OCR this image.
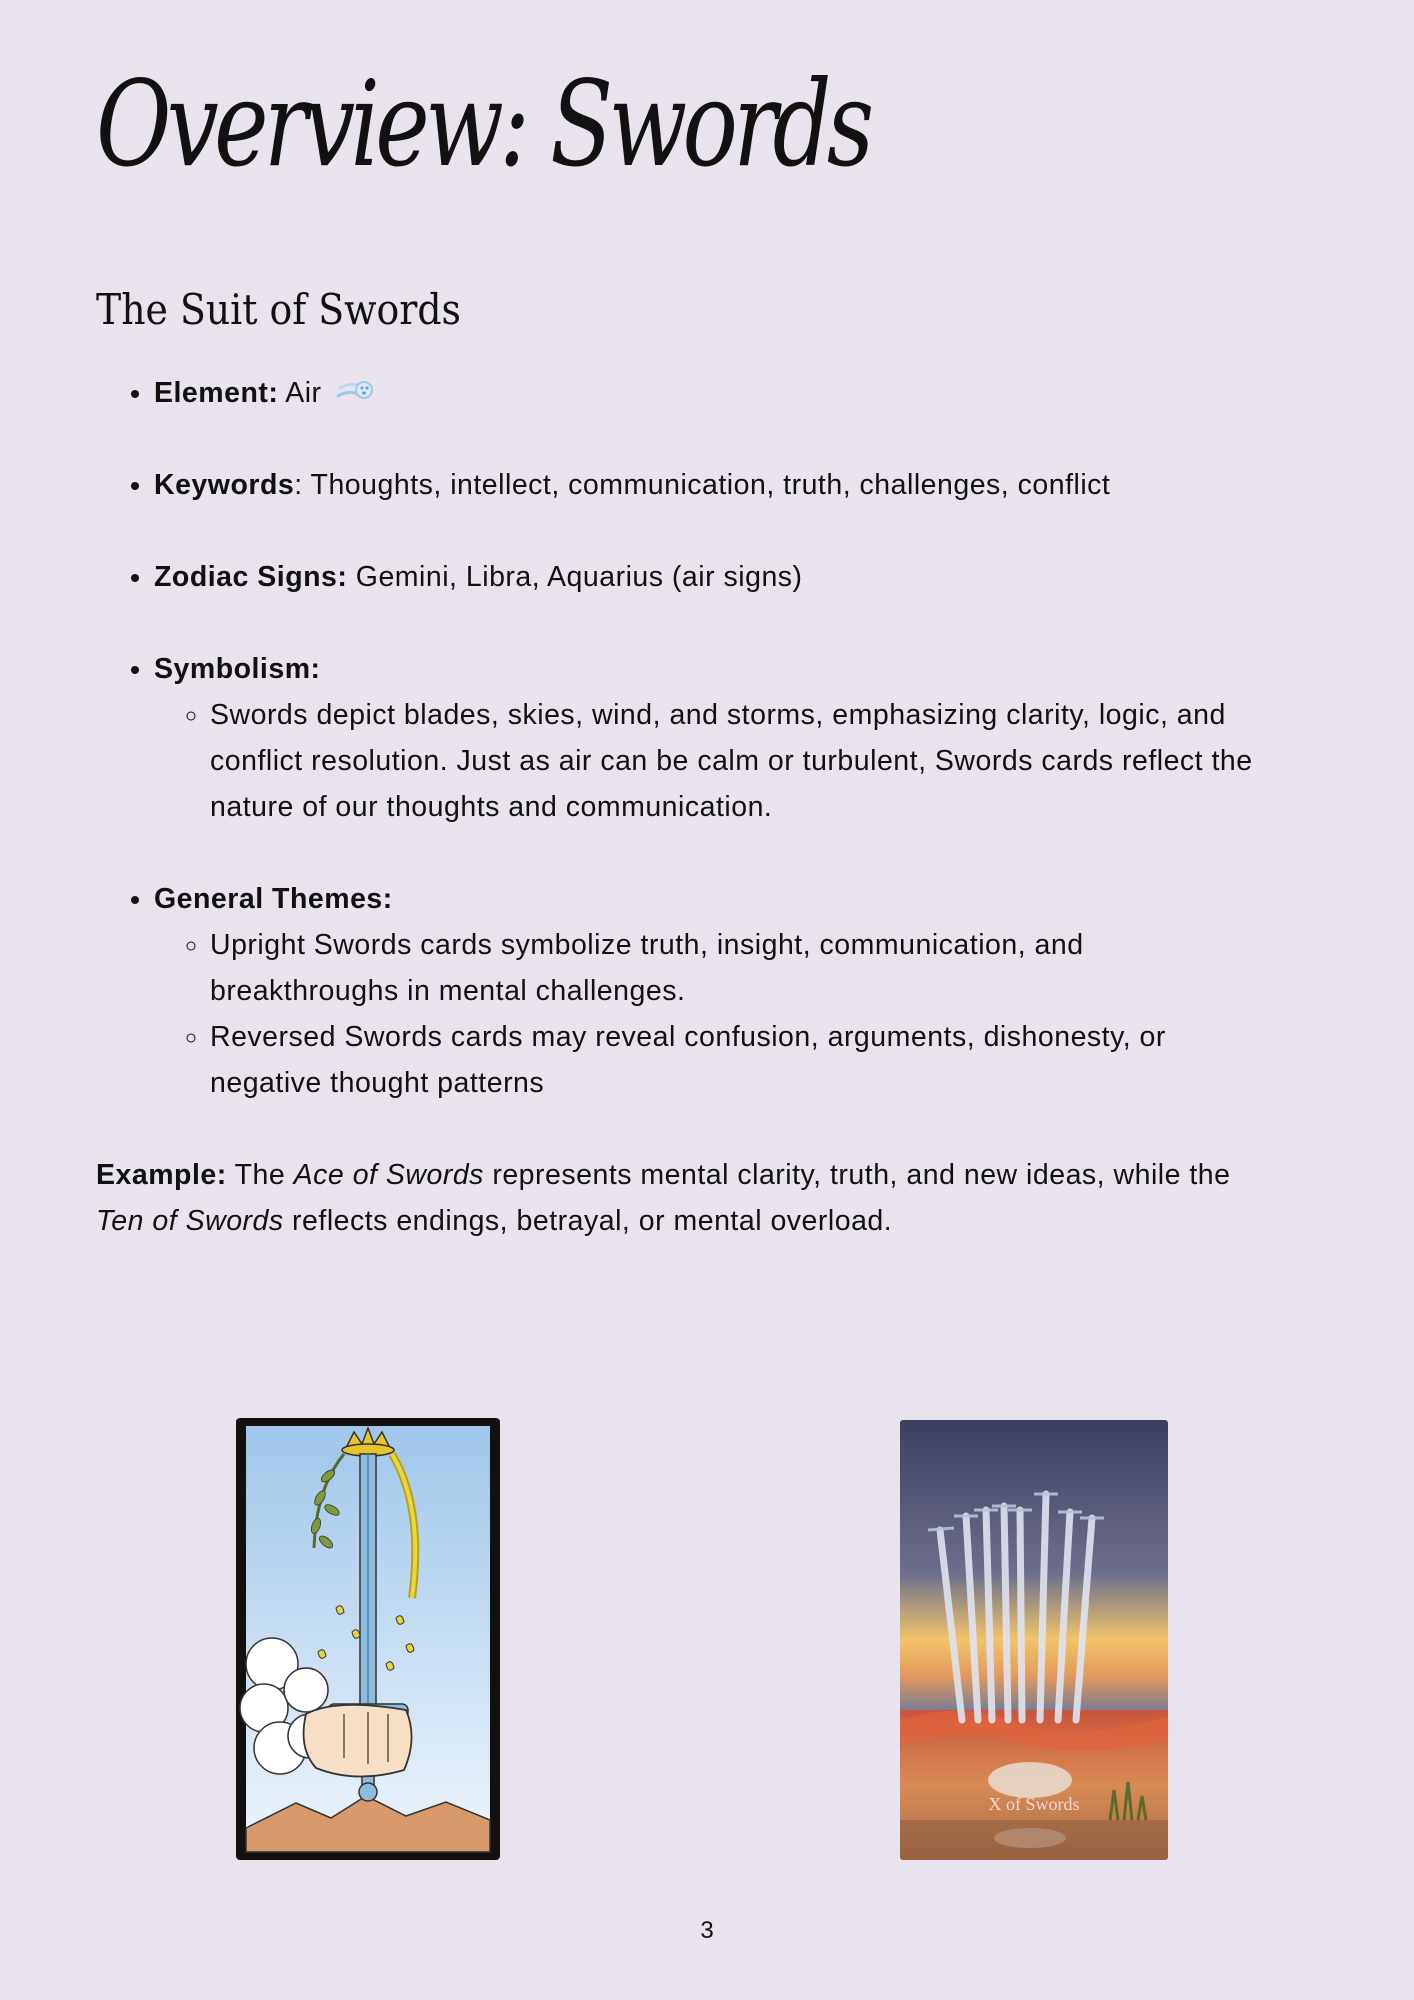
Overview: Swords
The Suit of Swords
• Element: Air
• Keywords: Thoughts, intellect, communication, truth, challenges, conflict
• Zodiac Signs: Gemini, Libra, Aquarius (air signs)
• Symbolism:
◦ Swords depict blades, skies, wind, and storms, emphasizing clarity, logic, and conflict resolution. Just as air can be calm or turbulent, Swords cards reflect the nature of our thoughts and communication.
• General Themes:
◦ Upright Swords cards symbolize truth, insight, communication, and breakthroughs in mental challenges.
◦ Reversed Swords cards may reveal confusion, arguments, dishonesty, or negative thought patterns

Example: The Ace of Swords represents mental clarity, truth, and new ideas, while the Ten of Swords reflects endings, betrayal, or mental overload.

X of Swords
3
